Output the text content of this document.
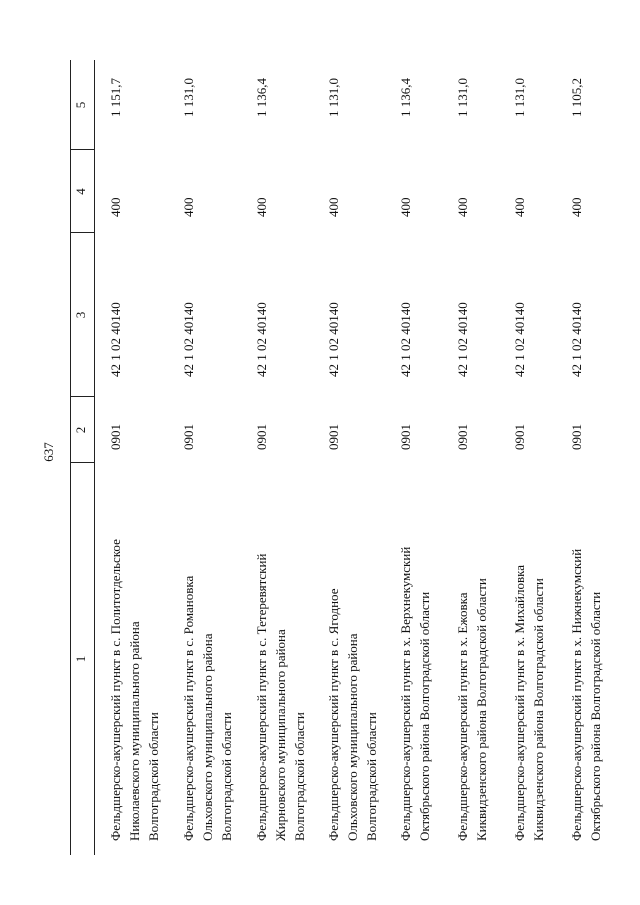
637
1
2
3
4
5
Фельдшерско-акушерский пункт в с. Политотдельское Николаевского муниципального района Волгоградской области
0901
42 1 02 40140
400
1 151,7
Фельдшерско-акушерский пункт в с. Романовка Ольховского муниципального района Волгоградской области
0901
42 1 02 40140
400
1 131,0
Фельдшерско-акушерский пункт в с. Тетеревятский Жирновского муниципального района Волгоградской области
0901
42 1 02 40140
400
1 136,4
Фельдшерско-акушерский пункт в с. Ягодное Ольховского муниципального района Волгоградской области
0901
42 1 02 40140
400
1 131,0
Фельдшерско-акушерский пункт в х. Верхнекумский Октябрьского района Волгоградской области
0901
42 1 02 40140
400
1 136,4
Фельдшерско-акушерский пункт в х. Ежовка Киквидзенского района Волгоградской области
0901
42 1 02 40140
400
1 131,0
Фельдшерско-акушерский пункт в х. Михайловка Киквидзенского района Волгоградской области
0901
42 1 02 40140
400
1 131,0
Фельдшерско-акушерский пункт в х. Нижнекумский Октябрьского района Волгоградской области
0901
42 1 02 40140
400
1 105,2
